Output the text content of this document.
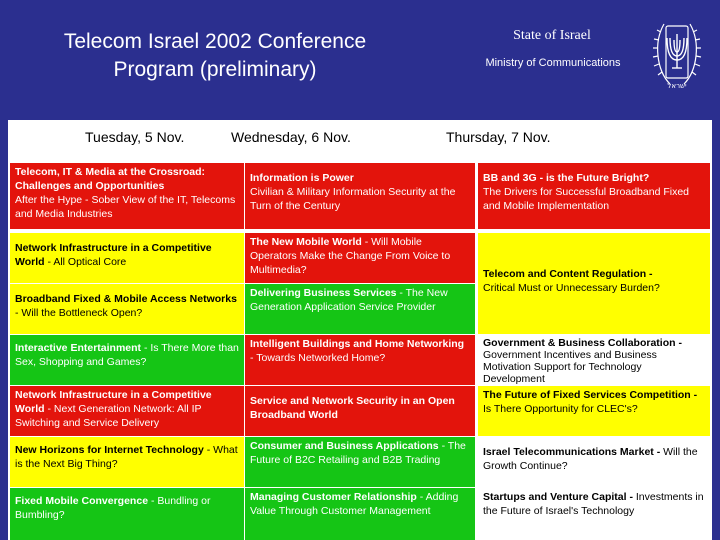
Telecom Israel 2002 Conference
Program (preliminary)
State of Israel
Ministry of Communications
ישראל
Tuesday, 5 Nov.	Wednesday, 6 Nov.	Thursday, 7 Nov.
Telecom, IT & Media at the Crossroad: Challenges and Opportunities
After the Hype - Sober View of the IT, Telecoms and Media Industries
Network Infrastructure in a Competitive World - All Optical Core
Broadband Fixed & Mobile Access Networks - Will the Bottleneck Open?
Interactive Entertainment - Is There More than Sex, Shopping and Games?
Network Infrastructure in a Competitive World - Next Generation Network: All IP Switching and Service Delivery
New Horizons for Internet Technology - What is the Next Big Thing?
Fixed Mobile Convergence - Bundling or Bumbling?
Information is Power
Civilian & Military Information Security at the Turn of the Century
The New Mobile World - Will Mobile Operators Make the Change From Voice to Multimedia?
Delivering Business Services - The New Generation Application Service Provider
Intelligent Buildings and Home Networking - Towards Networked Home?
Service and Network Security in an Open Broadband World
Consumer and Business Applications - The Future of B2C Retailing and B2B Trading
Managing Customer Relationship - Adding Value Through Customer Management
BB and 3G - is the Future Bright?
The Drivers for Successful Broadband Fixed and Mobile Implementation
Telecom and Content Regulation -
Critical Must or Unnecessary Burden?
Government & Business Collaboration - Government Incentives and Business Motivation Support for Technology Development
The Future of Fixed Services Competition - Is There Opportunity for CLEC's?
Israel Telecommunications Market - Will the Growth Continue?
Startups and Venture Capital - Investments in the Future of Israel's Technology
